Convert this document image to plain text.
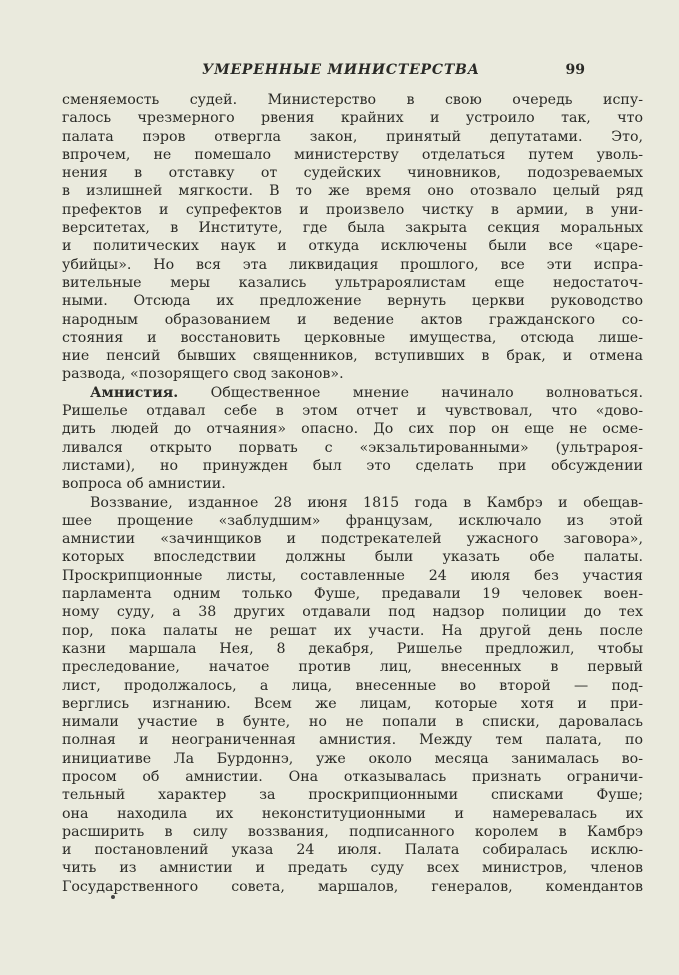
УМЕРЕННЫЕ МИНИСТЕРСТВА	99
сменяемость судей. Министерство в свою очередь испу-
галось чрезмерного рвения крайних и устроило так, что
палата пэров отвергла закон, принятый депутатами. Это,
впрочем, не помешало министерству отделаться путем уволь-
нения в отставку от судейских чиновников, подозреваемых
в излишней мягкости. В то же время оно отозвало целый ряд
префектов и супрефектов и произвело чистку в армии, в уни-
верситетах, в Институте, где была закрыта секция моральных
и политических наук и откуда исключены были все «царе-
убийцы». Но вся эта ликвидация прошлого, все эти испра-
вительные меры казались ультрароялистам еще недостаточ-
ными. Отсюда их предложение вернуть церкви руководство
народным образованием и ведение актов гражданского со-
стояния и восстановить церковные имущества, отсюда лише-
ние пенсий бывших священников, вступивших в брак, и отмена
развода, «позорящего свод законов».
Амнистия. Общественное мнение начинало волноваться.
Ришелье отдавал себе в этом отчет и чувствовал, что «дово-
дить людей до отчаяния» опасно. До сих пор он еще не осме-
ливался открыто порвать с «экзальтированными» (ультрароя-
листами), но принужден был это сделать при обсуждении
вопроса об амнистии.
Воззвание, изданное 28 июня 1815 года в Камбрэ и обещав-
шее прощение «заблудшим» французам, исключало из этой
амнистии «зачинщиков и подстрекателей ужасного заговора»,
которых впоследствии должны были указать обе палаты.
Проскрипционные листы, составленные 24 июля без участия
парламента одним только Фуше, предавали 19 человек воен-
ному суду, а 38 других отдавали под надзор полиции до тех
пор, пока палаты не решат их участи. На другой день после
казни маршала Нея, 8 декабря, Ришелье предложил, чтобы
преследование, начатое против лиц, внесенных в первый
лист, продолжалось, а лица, внесенные во второй — под-
верглись изгнанию. Всем же лицам, которые хотя и при-
нимали участие в бунте, но не попали в списки, даровалась
полная и неограниченная амнистия. Между тем палата, по
инициативе Ла Бурдоннэ, уже около месяца занималась во-
просом об амнистии. Она отказывалась признать ограничи-
тельный характер за проскрипционными списками Фуше;
она находила их неконституционными и намеревалась их
расширить в силу воззвания, подписанного королем в Камбрэ
и постановлений указа 24 июля. Палата собиралась исклю-
чить из амнистии и предать суду всех министров, членов
Государственного совета, маршалов, генералов, комендантов
